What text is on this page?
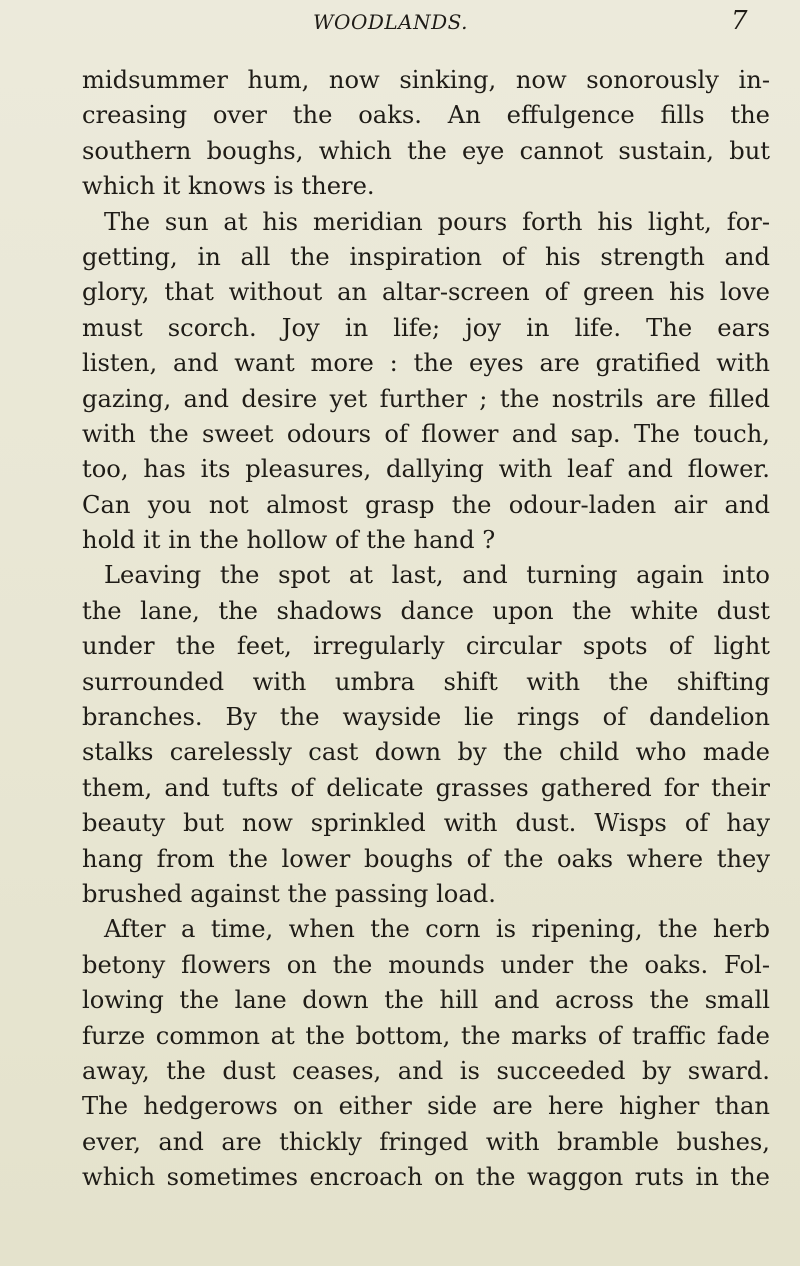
WOODLANDS.	7
midsummer hum, now sinking, now sonorously in-
creasing over the oaks. An effulgence fills the
southern boughs, which the eye cannot sustain, but
which it knows is there.
The sun at his meridian pours forth his light, for-
getting, in all the inspiration of his strength and
glory, that without an altar-screen of green his love
must scorch. Joy in life; joy in life. The ears
listen, and want more : the eyes are gratified with
gazing, and desire yet further ; the nostrils are filled
with the sweet odours of flower and sap. The touch,
too, has its pleasures, dallying with leaf and flower.
Can you not almost grasp the odour-laden air and
hold it in the hollow of the hand ?
Leaving the spot at last, and turning again into
the lane, the shadows dance upon the white dust
under the feet, irregularly circular spots of light
surrounded with umbra shift with the shifting
branches. By the wayside lie rings of dandelion
stalks carelessly cast down by the child who made
them, and tufts of delicate grasses gathered for their
beauty but now sprinkled with dust. Wisps of hay
hang from the lower boughs of the oaks where they
brushed against the passing load.
After a time, when the corn is ripening, the herb
betony flowers on the mounds under the oaks. Fol-
lowing the lane down the hill and across the small
furze common at the bottom, the marks of traffic fade
away, the dust ceases, and is succeeded by sward.
The hedgerows on either side are here higher than
ever, and are thickly fringed with bramble bushes,
which sometimes encroach on the waggon ruts in the
